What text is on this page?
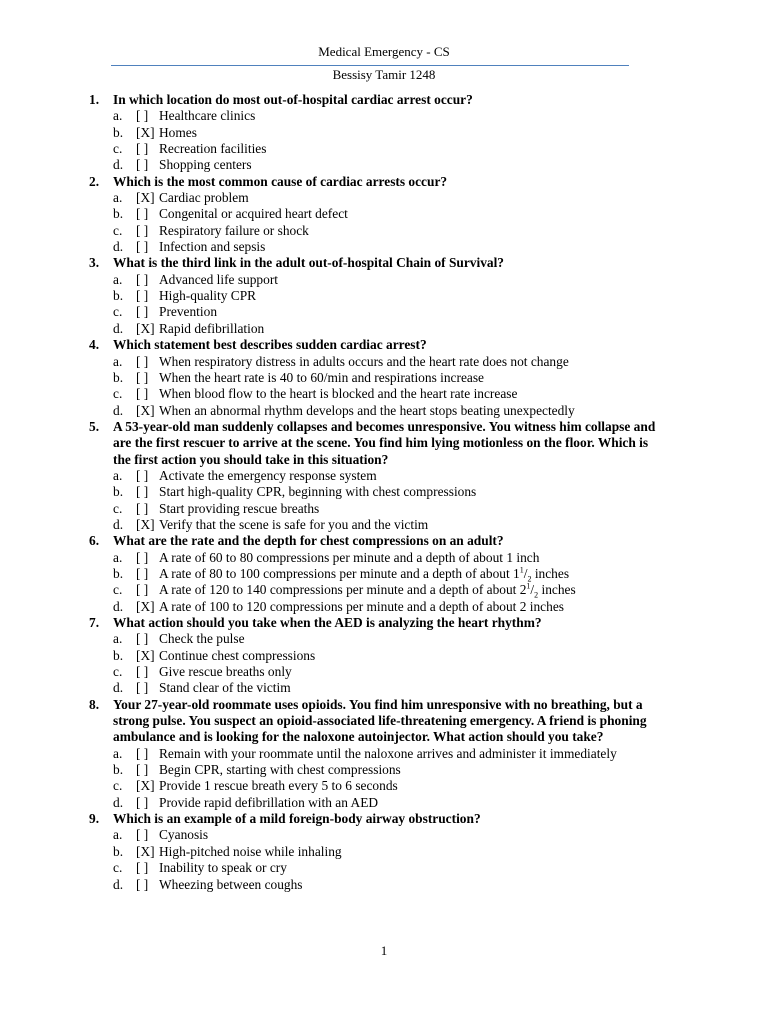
Medical Emergency - CS
Bessisy Tamir 1248
1. In which location do most out-of-hospital cardiac arrest occur?
a. [ ] Healthcare clinics
b. [X] Homes
c. [ ] Recreation facilities
d. [ ] Shopping centers
2. Which is the most common cause of cardiac arrests occur?
a. [X] Cardiac problem
b. [ ] Congenital or acquired heart defect
c. [ ] Respiratory failure or shock
d. [ ] Infection and sepsis
3. What is the third link in the adult out-of-hospital Chain of Survival?
a. [ ] Advanced life support
b. [ ] High-quality CPR
c. [ ] Prevention
d. [X] Rapid defibrillation
4. Which statement best describes sudden cardiac arrest?
a. [ ] When respiratory distress in adults occurs and the heart rate does not change
b. [ ] When the heart rate is 40 to 60/min and respirations increase
c. [ ] When blood flow to the heart is blocked and the heart rate increase
d. [X] When an abnormal rhythm develops and the heart stops beating unexpectedly
5. A 53-year-old man suddenly collapses and becomes unresponsive. You witness him collapse and are the first rescuer to arrive at the scene. You find him lying motionless on the floor. Which is the first action you should take in this situation?
a. [ ] Activate the emergency response system
b. [ ] Start high-quality CPR, beginning with chest compressions
c. [ ] Start providing rescue breaths
d. [X] Verify that the scene is safe for you and the victim
6. What are the rate and the depth for chest compressions on an adult?
a. [ ] A rate of 60 to 80 compressions per minute and a depth of about 1 inch
b. [ ] A rate of 80 to 100 compressions per minute and a depth of about $1^1/_2$ inches
c. [ ] A rate of 120 to 140 compressions per minute and a depth of about $2^1/_2$ inches
d. [X] A rate of 100 to 120 compressions per minute and a depth of about 2 inches
7. What action should you take when the AED is analyzing the heart rhythm?
a. [ ] Check the pulse
b. [X] Continue chest compressions
c. [ ] Give rescue breaths only
d. [ ] Stand clear of the victim
8. Your 27-year-old roommate uses opioids. You find him unresponsive with no breathing, but a strong pulse. You suspect an opioid-associated life-threatening emergency. A friend is phoning ambulance and is looking for the naloxone autoinjector. What action should you take?
a. [ ] Remain with your roommate until the naloxone arrives and administer it immediately
b. [ ] Begin CPR, starting with chest compressions
c. [X] Provide 1 rescue breath every 5 to 6 seconds
d. [ ] Provide rapid defibrillation with an AED
9. Which is an example of a mild foreign-body airway obstruction?
a. [ ] Cyanosis
b. [X] High-pitched noise while inhaling
c. [ ] Inability to speak or cry
d. [ ] Wheezing between coughs
1
